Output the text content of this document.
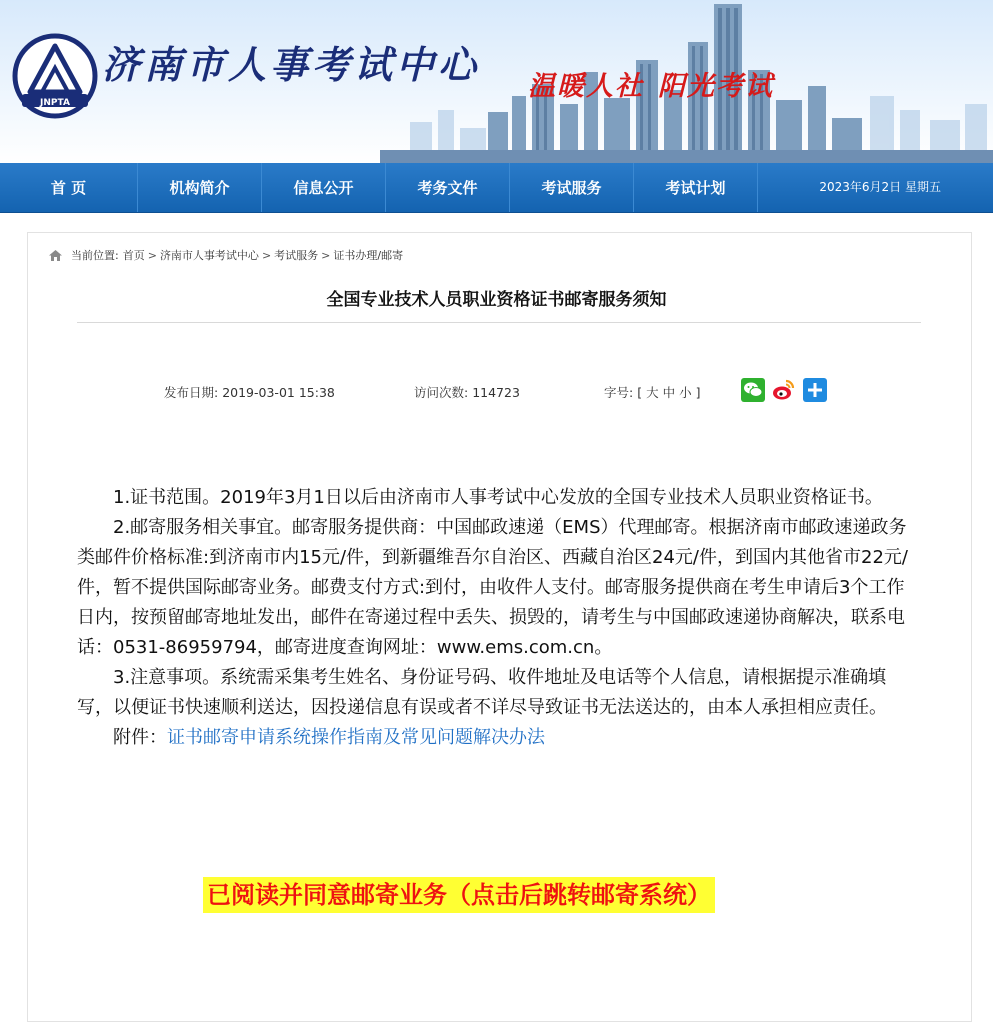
JNPTA
济南市人事考试中心 温暖人社 阳光考试
首 页	机构简介	信息公开	考务文件	考试服务	考试计划	2023年6月2日 星期五
当前位置: 首页 > 济南市人事考试中心 > 考试服务 > 证书办理/邮寄
全国专业技术人员职业资格证书邮寄服务须知
发布日期: 2019-03-01 15:38	访问次数: 114723	字号: [ 大 中 小 ]

1.证书范围。2019年3月1日以后由济南市人事考试中心发放的全国专业技术人员职业资格证书。

2.邮寄服务相关事宜。邮寄服务提供商：中国邮政速递（EMS）代理邮寄。根据济南市邮政速递政务类邮件价格标准:到济南市内15元/件，到新疆维吾尔自治区、西藏自治区24元/件，到国内其他省市22元/件，暂不提供国际邮寄业务。邮费支付方式:到付，由收件人支付。邮寄服务提供商在考生申请后3个工作日内，按预留邮寄地址发出，邮件在寄递过程中丢失、损毁的，请考生与中国邮政速递协商解决，联系电话：0531-86959794，邮寄进度查询网址：www.ems.com.cn。

3.注意事项。系统需采集考生姓名、身份证号码、收件地址及电话等个人信息，请根据提示准确填写，以便证书快速顺利送达，因投递信息有误或者不详尽导致证书无法送达的，由本人承担相应责任。

附件：证书邮寄申请系统操作指南及常见问题解决办法

已阅读并同意邮寄业务（点击后跳转邮寄系统）
